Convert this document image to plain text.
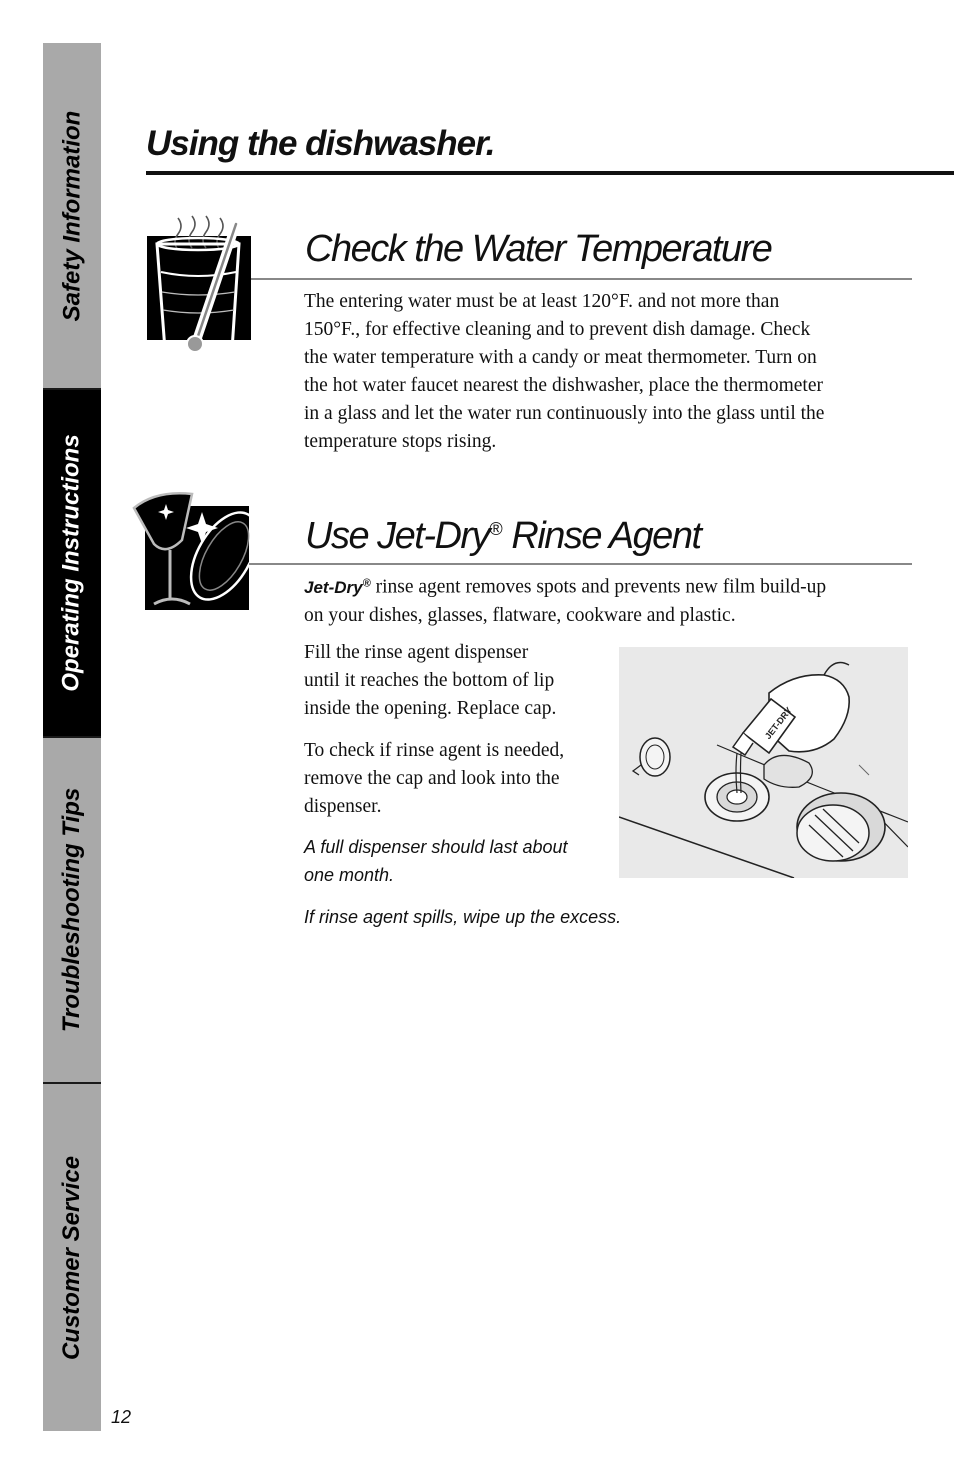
Safety Information
Operating Instructions
Troubleshooting Tips
Customer Service
Using the dishwasher.
Check the Water Temperature
The entering water must be at least 120°F. and not more than
150°F., for effective cleaning and to prevent dish damage. Check
the water temperature with a candy or meat thermometer. Turn on
the hot water faucet nearest the dishwasher, place the thermometer
in a glass and let the water run continuously into the glass until the
temperature stops rising.
Use Jet-Dry® Rinse Agent
Jet-Dry® rinse agent removes spots and prevents new film build-up
on your dishes, glasses, flatware, cookware and plastic.
Fill the rinse agent dispenser
until it reaches the bottom of lip
inside the opening. Replace cap.
To check if rinse agent is needed,
remove the cap and look into the
dispenser.
A full dispenser should last about
one month.
If rinse agent spills, wipe up the excess.
JET-DRY
12
